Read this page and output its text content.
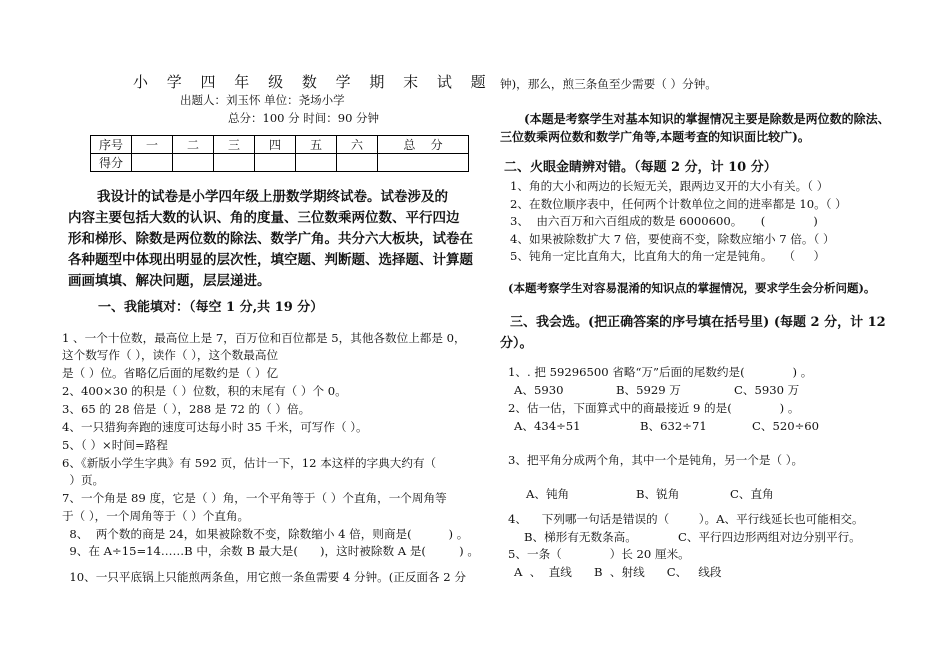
小 学 四 年 级 数 学 期 末 试 题
出题人：刘玉怀 单位：尧场小学
总分：100 分 时间：90 分钟
序号	一	二	三	四	五	六	总    分
得分							
我设计的试卷是小学四年级上册数学期终试卷。试卷涉及的
内容主要包括大数的认识、角的度量、三位数乘两位数、平行四边
形和梯形、除数是两位数的除法、数学广角。共分六大板块，试卷在
各种题型中体现出明显的层次性，填空题、判断题、选择题、计算题
画画填填、解决问题，层层递进。
一、我能填对：（每空 1 分,共 19 分）
1 、一个十位数，最高位上是 7，百万位和百位都是 5，其他各数位上都是 0，
这个数写作（ ），读作（ ），这个数最高位
是（ ）位。省略亿后面的尾数约是（ ）亿
2、400×30 的积是（ ）位数，积的末尾有（ ）个 0。
3、65 的 28 倍是（ ），288 是 72 的（ ）倍。
4、一只猎狗奔跑的速度可达每小时 35 千米，可写作（ ）。
5、（ ）×时间=路程
6、《新版小学生字典》有 592 页，估计一下，12 本这样的字典大约有（
）页。
7、一个角是 89 度，它是（ ）角，一个平角等于（ ）个直角，一个周角等
于（ ），一个周角等于（ ）个直角。
8、  两个数的商是 24，如果被除数不变，除数缩小 4 倍，则商是(          ) 。
9、在 A÷15=14……B 中，余数 B 最大是(      )，这时被除数 A 是(         ) 。
10、一只平底锅上只能煎两条鱼，用它煎一条鱼需要 4 分钟。(正反面各 2 分
钟)，那么，煎三条鱼至少需要（ ）分钟。
(本题是考察学生对基本知识的掌握情况主要是除数是两位数的除法、
三位数乘两位数和数学广角等,本题考查的知识面比较广)。
二、火眼金睛辨对错。（每题 2 分，计 10 分）
1、角的大小和两边的长短无关，跟两边叉开的大小有关。（ ）
2、在数位顺序表中，任何两个计数单位之间的进率都是 10。（ ）
3、  由六百万和六百组成的数是 6000600。     (             )
4、如果被除数扩大 7 倍，要使商不变，除数应缩小 7 倍。（ ）
5、钝角一定比直角大，比直角大的角一定是钝角。   （     ）
(本题考察学生对容易混淆的知识点的掌握情况，要求学生会分析问题)。
三、我会选。(把正确答案的序号填在括号里) (每题 2 分，计 12
分）。
1、. 把 59296500 省略“万”后面的尾数约是(             ) 。
A、5930	B、5929 万	C、5930 万
2、估一估，下面算式中的商最接近 9 的是(             ) 。
A、434÷51	B、632÷71	C、520÷60
3、把平角分成两个角，其中一个是钝角，另一个是（ ）。
A、钝角	B、锐角	C、直角
4、    下列哪一句话是错误的（        ）。A、平行线延长也可能相交。
B、梯形有无数条高。	C、平行四边形两组对边分别平行。
5、一条（             ）长 20 厘米。
A  、  直线      B  、射线      C、   线段
